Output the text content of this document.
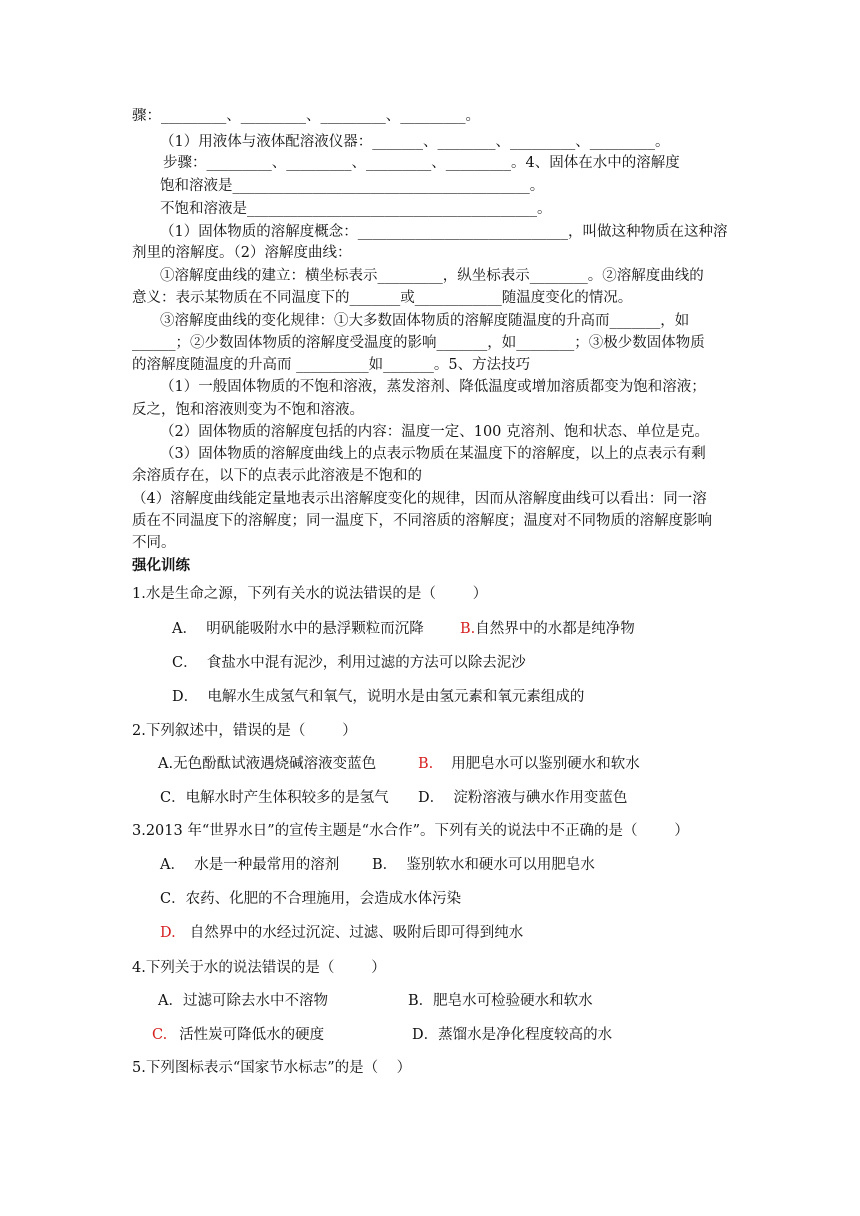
骤：_________、_________、_________、_________。
（1）用液体与液体配溶液仪器：_______、________、_________、_________。
步骤：_________、_________、_________、_________。4、固体在水中的溶解度
饱和溶液是_________________________________________。
不饱和溶液是________________________________________。
（1）固体物质的溶解度概念：_____________________________，叫做这种物质在这种溶
剂里的溶解度。（2）溶解度曲线：
①溶解度曲线的建立：横坐标表示_________，纵坐标表示________。②溶解度曲线的
意义：表示某物质在不同温度下的_______或____________随温度变化的情况。
③溶解度曲线的变化规律：①大多数固体物质的溶解度随温度的升高而_______，如
______；②少数固体物质的溶解度受温度的影响_______，如________；③极少数固体物质
的溶解度随温度的升高而 __________如_______。5、方法技巧
（1）一般固体物质的不饱和溶液，蒸发溶剂、降低温度或增加溶质都变为饱和溶液；
反之，饱和溶液则变为不饱和溶液。
（2）固体物质的溶解度包括的内容：温度一定、100 克溶剂、饱和状态、单位是克。
（3）固体物质的溶解度曲线上的点表示物质在某温度下的溶解度，以上的点表示有剩
余溶质存在，以下的点表示此溶液是不饱和的
（4）溶解度曲线能定量地表示出溶解度变化的规律，因而从溶解度曲线可以看出：同一溶
质在不同温度下的溶解度；同一温度下，不同溶质的溶解度；温度对不同物质的溶解度影响
不同。
强化训练
1.水是生命之源，下列有关水的说法错误的是（        ）
A．  明矾能吸附水中的悬浮颗粒而沉降	B.自然界中的水都是纯净物
C．  食盐水中混有泥沙，利用过滤的方法可以除去泥沙
D．  电解水生成氢气和氧气，说明水是由氢元素和氧元素组成的
2.下列叙述中，错误的是（        ）
A.无色酚酞试液遇烧碱溶液变蓝色	B. 用肥皂水可以鉴别硬水和软水
C．电解水时产生体积较多的是氢气 D．  淀粉溶液与碘水作用变蓝色
3.2013 年“世界水日”的宣传主题是“水合作”。下列有关的说法中不正确的是（        ）
A．  水是一种最常用的溶剂 B．  鉴别软水和硬水可以用肥皂水
C．农药、化肥的不合理施用，会造成水体污染
D. 自然界中的水经过沉淀、过滤、吸附后即可得到纯水
4.下列关于水的说法错误的是（        ）
A．过滤可除去水中不溶物	B．肥皂水可检验硬水和软水
C. 活性炭可降低水的硬度	D．蒸馏水是净化程度较高的水
5.下列图标表示“国家节水标志”的是（    ）
